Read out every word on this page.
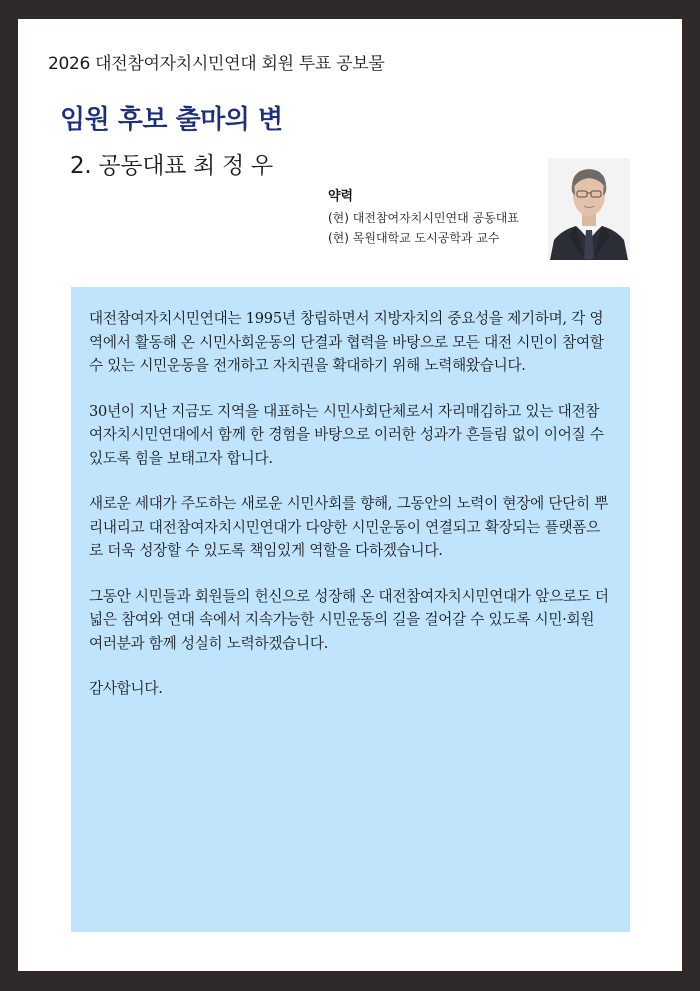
2026 대전참여자치시민연대 회원 투표 공보물
임원 후보 출마의 변
2. 공동대표 최 정 우
약력
(현) 대전참여자치시민연대 공동대표
(현) 목원대학교 도시공학과 교수

대전참여자치시민연대는 1995년 창립하면서 지방자치의 중요성을 제기하며, 각 영역에서 활동해 온 시민사회운동의 단결과 협력을 바탕으로 모든 대전 시민이 참여할 수 있는 시민운동을 전개하고 자치권을 확대하기 위해 노력해왔습니다.

30년이 지난 지금도 지역을 대표하는 시민사회단체로서 자리매김하고 있는 대전참여자치시민연대에서 함께 한 경험을 바탕으로 이러한 성과가 흔들림 없이 이어질 수 있도록 힘을 보태고자 합니다.

새로운 세대가 주도하는 새로운 시민사회를 향해, 그동안의 노력이 현장에 단단히 뿌리내리고 대전참여자치시민연대가 다양한 시민운동이 연결되고 확장되는 플랫폼으로 더욱 성장할 수 있도록 책임있게 역할을 다하겠습니다.

그동안 시민들과 회원들의 헌신으로 성장해 온 대전참여자치시민연대가 앞으로도 더 넓은 참여와 연대 속에서 지속가능한 시민운동의 길을 걸어갈 수 있도록 시민·회원 여러분과 함께 성실히 노력하겠습니다.

감사합니다.
